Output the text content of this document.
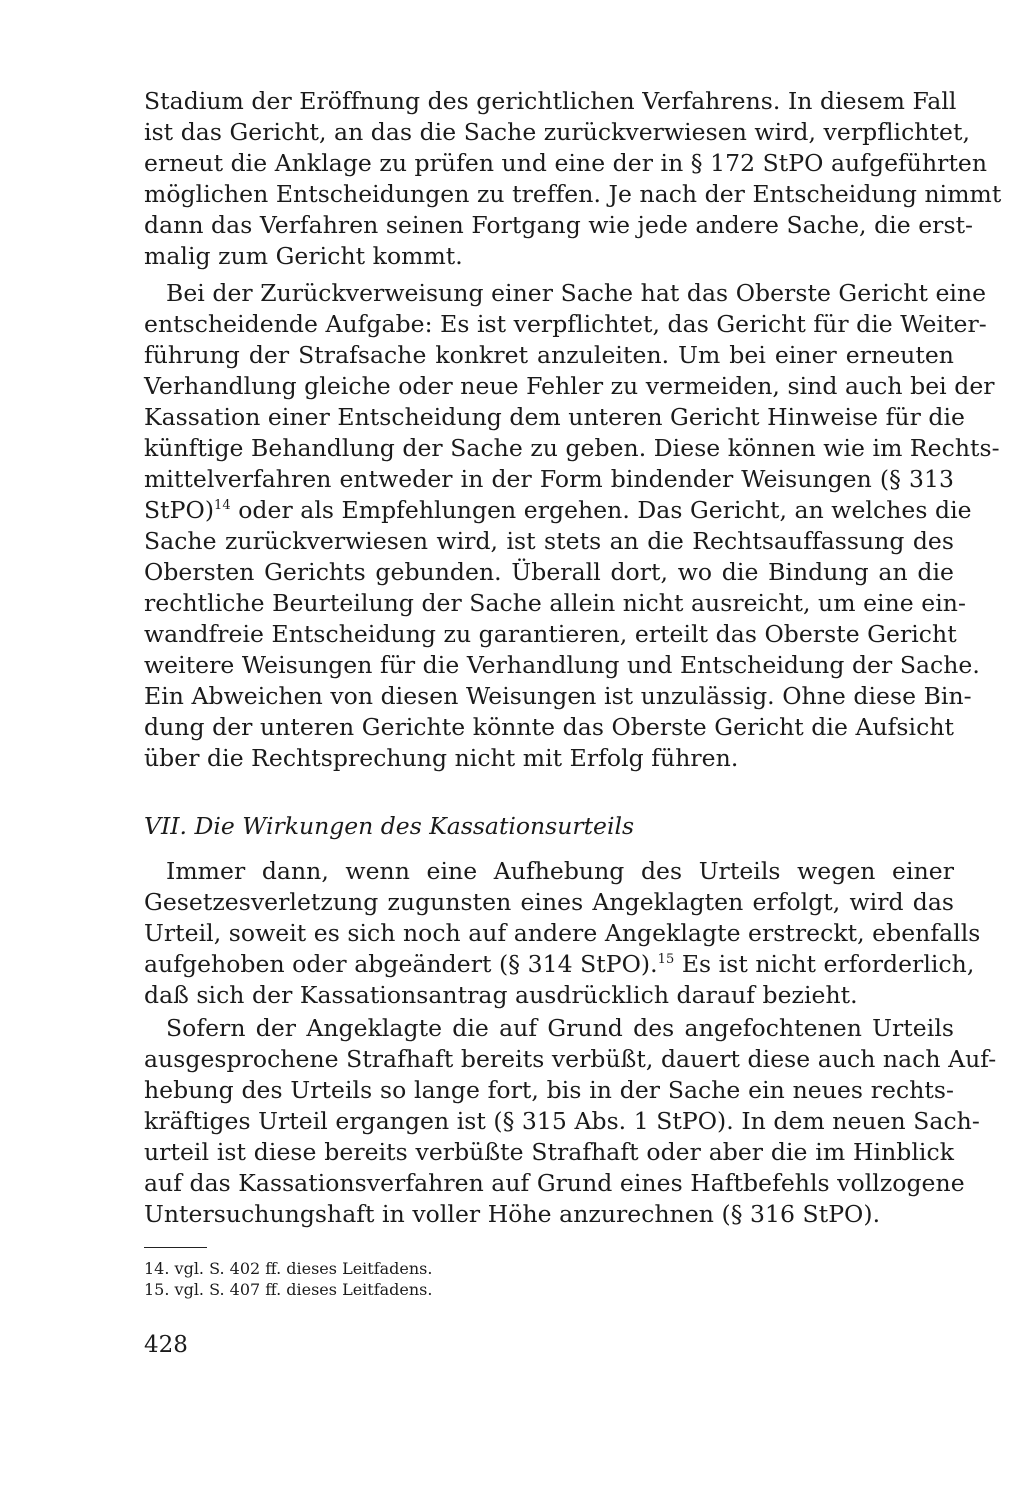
Stadium der Eröffnung des gerichtlichen Verfahrens. In diesem Fall
ist das Gericht, an das die Sache zurückverwiesen wird, verpflichtet,
erneut die Anklage zu prüfen und eine der in § 172 StPO aufgeführten
möglichen Entscheidungen zu treffen. Je nach der Entscheidung nimmt
dann das Verfahren seinen Fortgang wie jede andere Sache, die erst-
malig zum Gericht kommt.
Bei der Zurückverweisung einer Sache hat das Oberste Gericht eine
entscheidende Aufgabe: Es ist verpflichtet, das Gericht für die Weiter-
führung der Strafsache konkret anzuleiten. Um bei einer erneuten
Verhandlung gleiche oder neue Fehler zu vermeiden, sind auch bei der
Kassation einer Entscheidung dem unteren Gericht Hinweise für die
künftige Behandlung der Sache zu geben. Diese können wie im Rechts-
mittelverfahren entweder in der Form bindender Weisungen (§ 313
StPO)$^{14}$ oder als Empfehlungen ergehen. Das Gericht, an welches die
Sache zurückverwiesen wird, ist stets an die Rechtsauffassung des
Obersten Gerichts gebunden. Überall dort, wo die Bindung an die
rechtliche Beurteilung der Sache allein nicht ausreicht, um eine ein-
wandfreie Entscheidung zu garantieren, erteilt das Oberste Gericht
weitere Weisungen für die Verhandlung und Entscheidung der Sache.
Ein Abweichen von diesen Weisungen ist unzulässig. Ohne diese Bin-
dung der unteren Gerichte könnte das Oberste Gericht die Aufsicht
über die Rechtsprechung nicht mit Erfolg führen.
VII. Die Wirkungen des Kassationsurteils
Immer dann, wenn eine Aufhebung des Urteils wegen einer
Gesetzesverletzung zugunsten eines Angeklagten erfolgt, wird das
Urteil, soweit es sich noch auf andere Angeklagte erstreckt, ebenfalls
aufgehoben oder abgeändert (§ 314 StPO).$^{15}$ Es ist nicht erforderlich,
daß sich der Kassationsantrag ausdrücklich darauf bezieht.
Sofern der Angeklagte die auf Grund des angefochtenen Urteils
ausgesprochene Strafhaft bereits verbüßt, dauert diese auch nach Auf-
hebung des Urteils so lange fort, bis in der Sache ein neues rechts-
kräftiges Urteil ergangen ist (§ 315 Abs. 1 StPO). In dem neuen Sach-
urteil ist diese bereits verbüßte Strafhaft oder aber die im Hinblick
auf das Kassationsverfahren auf Grund eines Haftbefehls vollzogene
Untersuchungshaft in voller Höhe anzurechnen (§ 316 StPO).
14. vgl. S. 402 ff. dieses Leitfadens.
15. vgl. S. 407 ff. dieses Leitfadens.
428
